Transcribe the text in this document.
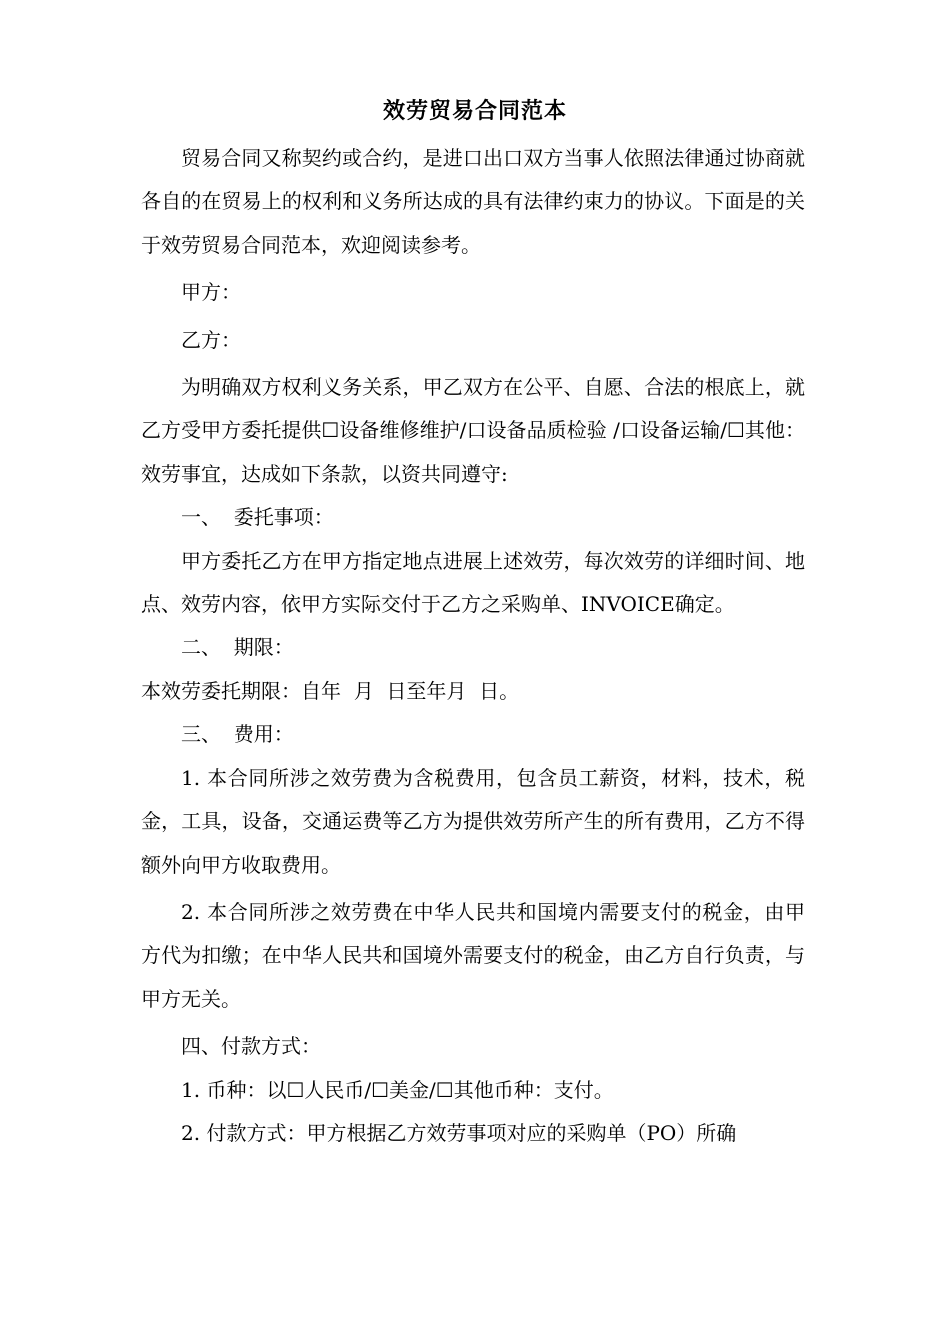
效劳贸易合同范本

贸易合同又称契约或合约，是进口出口双方当事人依照法律通过协商就各自的在贸易上的权利和义务所达成的具有法律约束力的协议。下面是的关于效劳贸易合同范本，欢迎阅读参考。

甲方：

乙方：

为明确双方权利义务关系，甲乙双方在公平、自愿、合法的根底上，就乙方受甲方委托提供☐设备维修维护/口设备品质检验 /口设备运输/☐其他：效劳事宜，达成如下条款，以资共同遵守:

一、  委托事项：

甲方委托乙方在甲方指定地点进展上述效劳，每次效劳的详细时间、地点、效劳内容，依甲方实际交付于乙方之采购单、INVOICE确定。

二、  期限：

本效劳委托期限：自年  月  日至年月  日。

三、  费用：

1. 本合同所涉之效劳费为含税费用，包含员工薪资，材料，技术，税金，工具，设备，交通运费等乙方为提供效劳所产生的所有费用，乙方不得额外向甲方收取费用。

2. 本合同所涉之效劳费在中华人民共和国境内需要支付的税金，由甲方代为扣缴；在中华人民共和国境外需要支付的税金，由乙方自行负责，与甲方无关。

四、付款方式：

1. 币种：以☐人民币/☐美金/☐其他币种：支付。

2. 付款方式：甲方根据乙方效劳事项对应的采购单（PO）所确
